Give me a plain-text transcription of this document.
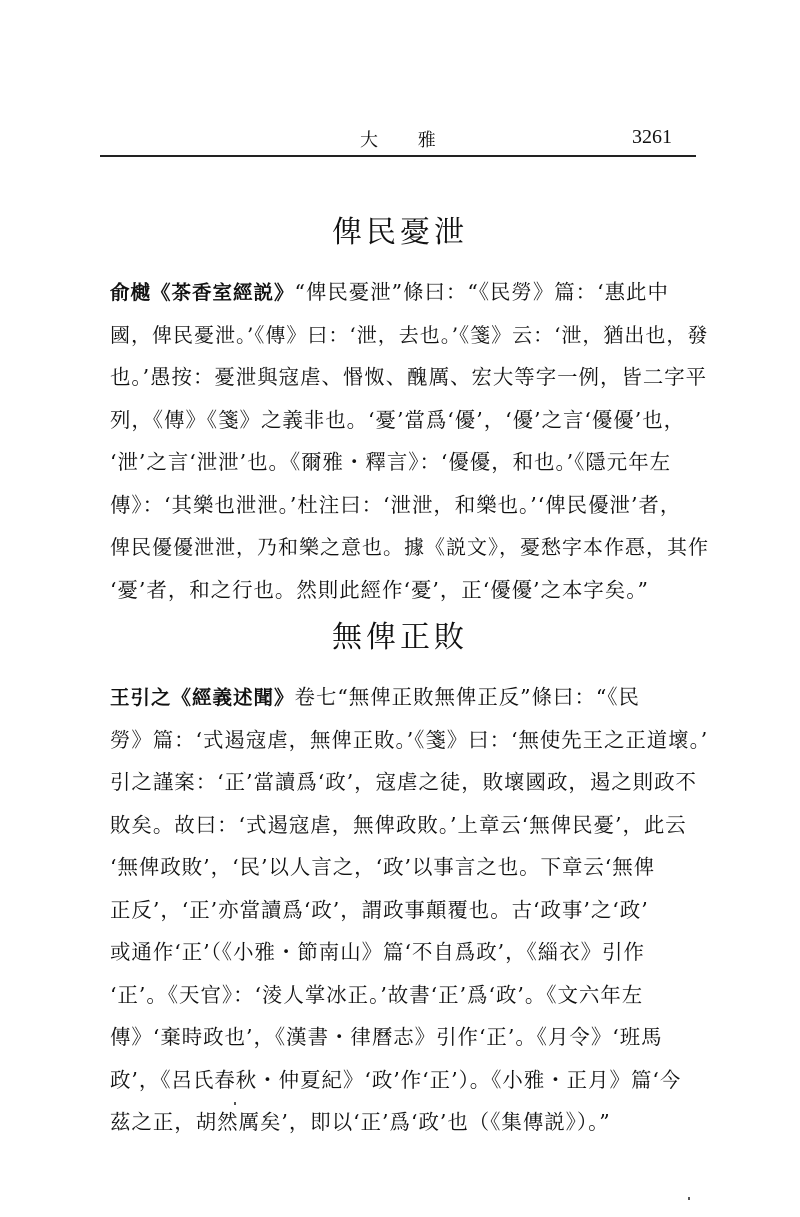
大 雅	3261
俾民憂泄
俞樾《茶香室經説》“俾民憂泄”條曰：“《民勞》篇：‘惠此中
國，俾民憂泄。’《傳》曰：‘泄，去也。’《箋》云：‘泄，猶出也，發
也。’愚按：憂泄與寇虐、惽怓、醜厲、宏大等字一例，皆二字平
列，《傳》《箋》之義非也。‘憂’當爲‘優’，‘優’之言‘優優’也，
‘泄’之言‘泄泄’也。《爾雅・釋言》：‘優優，和也。’《隱元年左
傳》：‘其樂也泄泄。’杜注曰：‘泄泄，和樂也。’‘俾民優泄’者，
俾民優優泄泄，乃和樂之意也。據《説文》，憂愁字本作㥑，其作
‘憂’者，和之行也。然則此經作‘憂’，正‘優優’之本字矣。”
無俾正敗
王引之《經義述聞》卷七“無俾正敗無俾正反”條曰：“《民
勞》篇：‘式遏寇虐，無俾正敗。’《箋》曰：‘無使先王之正道壞。’
引之謹案：‘正’當讀爲‘政’，寇虐之徒，敗壞國政，遏之則政不
敗矣。故曰：‘式遏寇虐，無俾政敗。’上章云‘無俾民憂’，此云
‘無俾政敗’，‘民’以人言之，‘政’以事言之也。下章云‘無俾
正反’，‘正’亦當讀爲‘政’，謂政事顛覆也。古‘政事’之‘政’
或通作‘正’（《小雅・節南山》篇‘不自爲政’，《緇衣》引作
‘正’。《天官》：‘淩人掌冰正。’故書‘正’爲‘政’。《文六年左
傳》‘棄時政也’，《漢書・律曆志》引作‘正’。《月令》‘班馬
政’，《呂氏春秋・仲夏紀》‘政’作‘正’）。《小雅・正月》篇‘今
茲之正，胡然厲矣’，即以‘正’爲‘政’也（《集傳説》）。”
